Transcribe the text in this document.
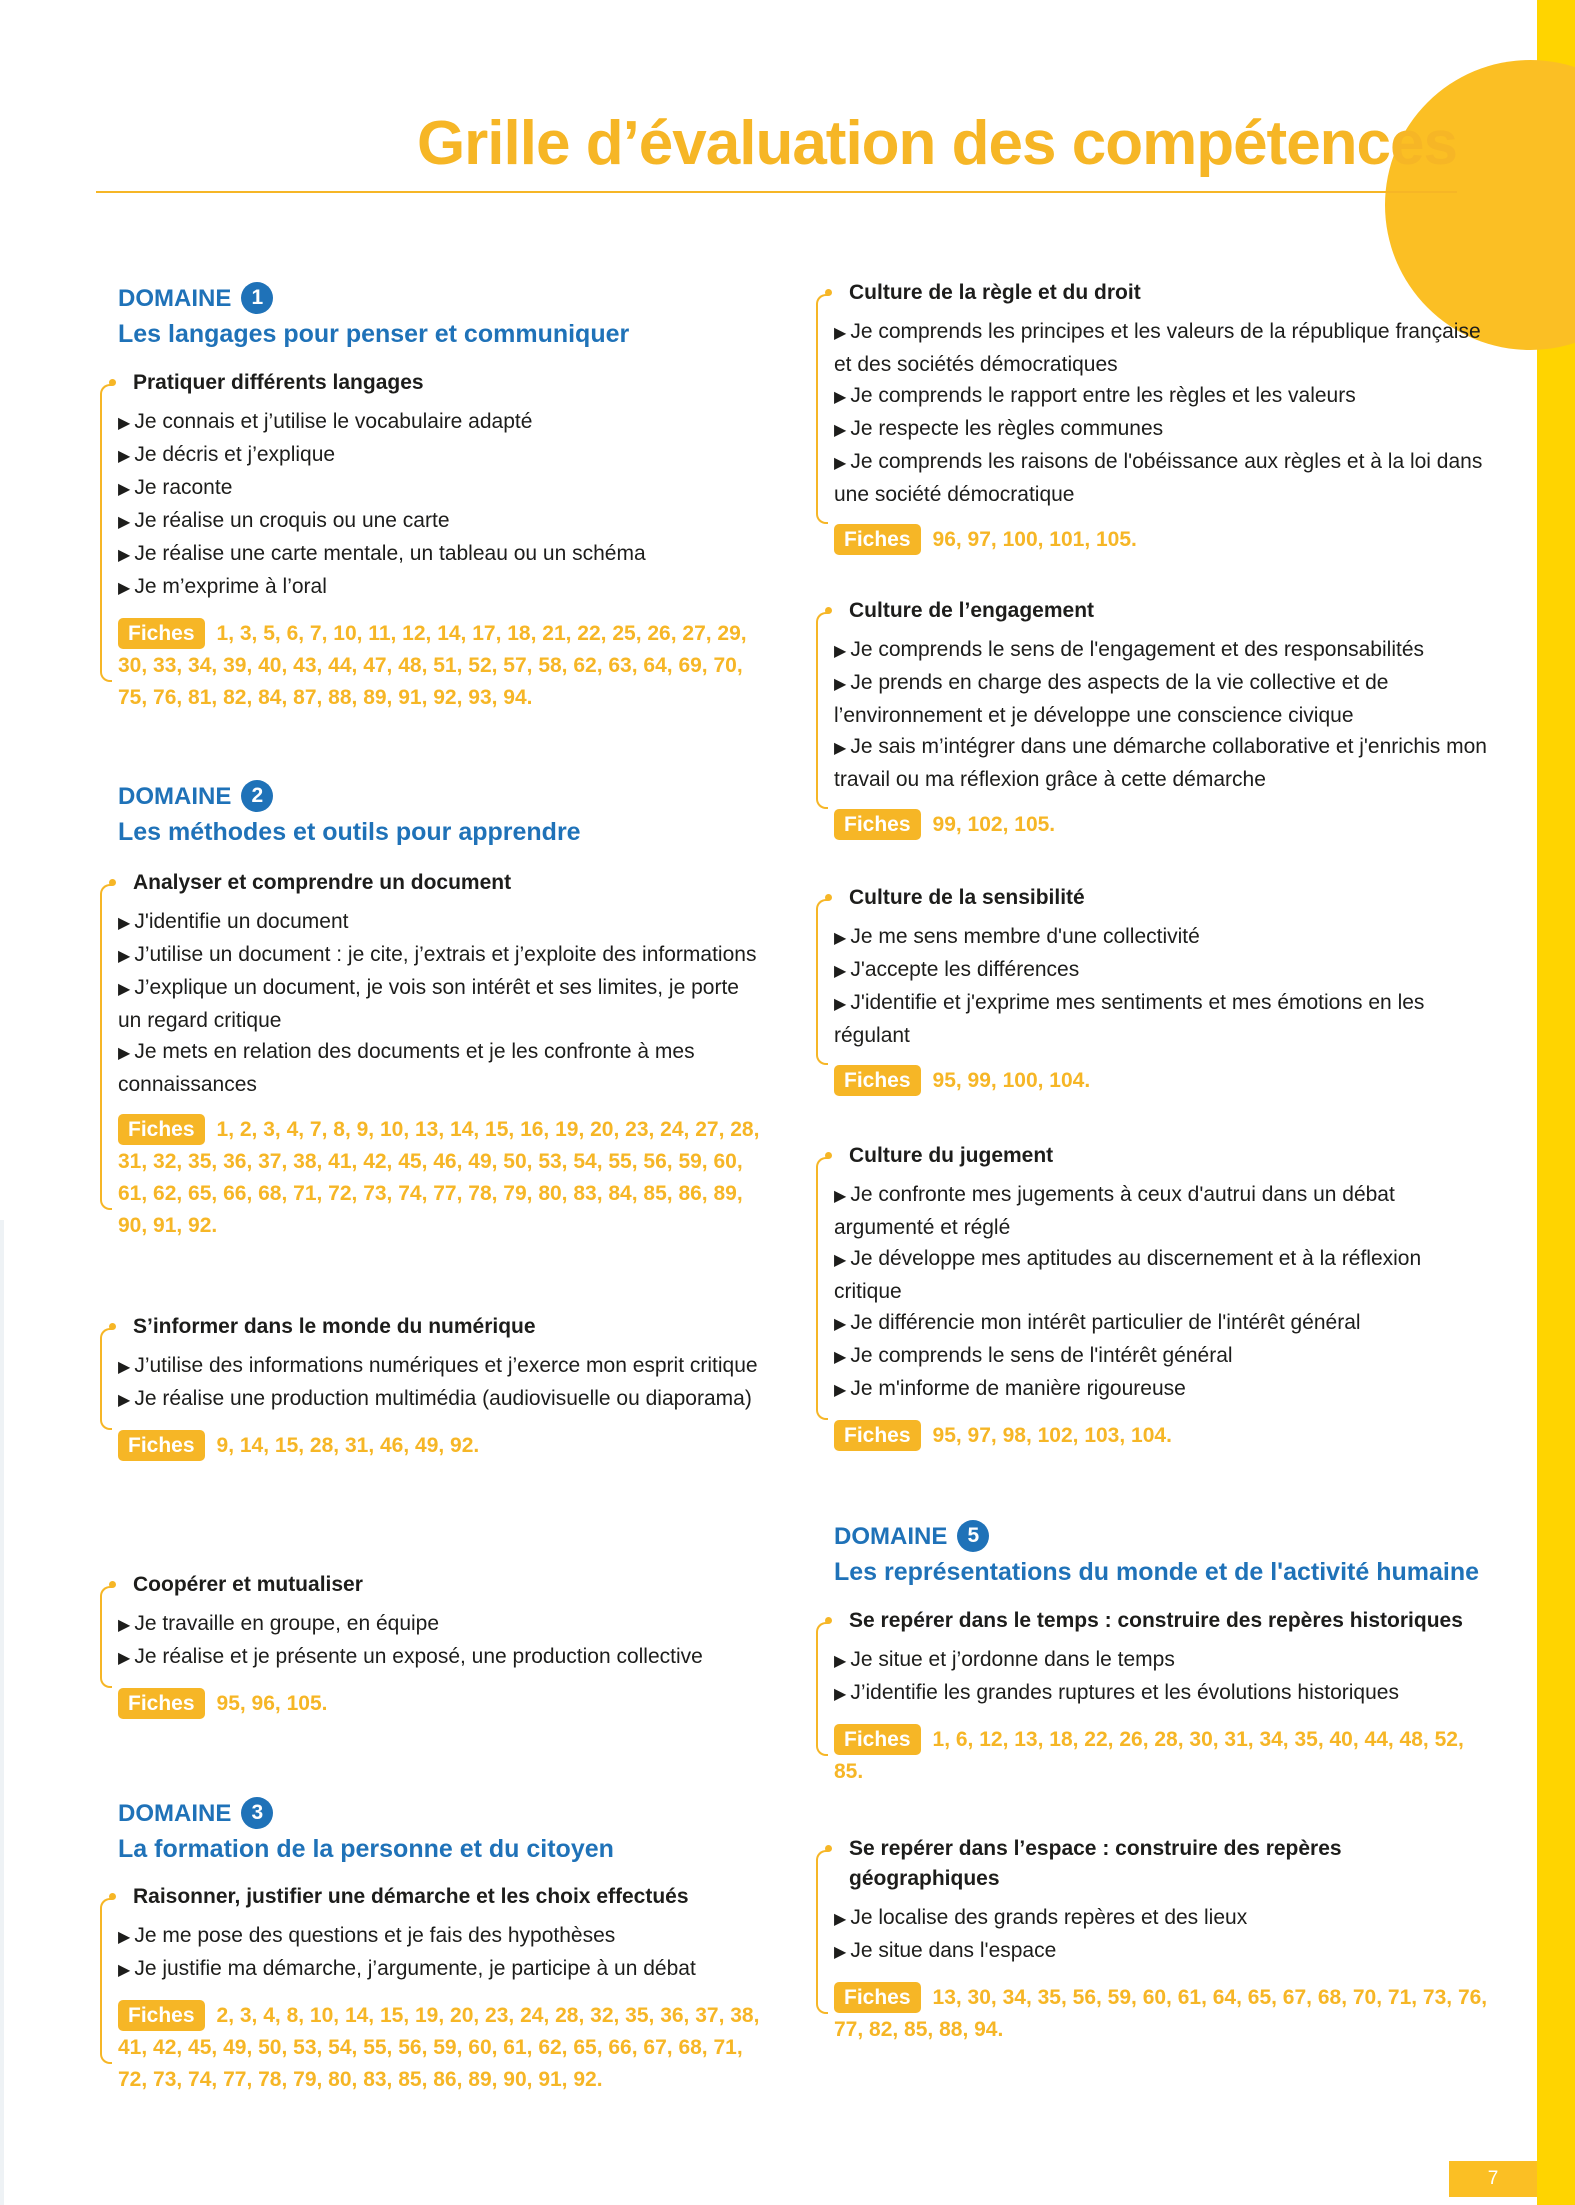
Grille d’évaluation des compétences
DOMAINE 1
Les langages pour penser et communiquer
Pratiquer différents langages
▶ Je connais et j’utilise le vocabulaire adapté
▶ Je décris et j’explique
▶ Je raconte
▶ Je réalise un croquis ou une carte
▶ Je réalise une carte mentale, un tableau ou un schéma
▶ Je m’exprime à l’oral
Fiches 1, 3, 5, 6, 7, 10, 11, 12, 14, 17, 18, 21, 22, 25, 26, 27, 29, 30, 33, 34, 39, 40, 43, 44, 47, 48, 51, 52, 57, 58, 62, 63, 64, 69, 70, 75, 76, 81, 82, 84, 87, 88, 89, 91, 92, 93, 94.
DOMAINE 2
Les méthodes et outils pour apprendre
Analyser et comprendre un document
▶ J'identifie un document
▶ J’utilise un document : je cite, j’extrais et j’exploite des informations
▶ J’explique un document, je vois son intérêt et ses limites, je porte un regard critique
▶ Je mets en relation des documents et je les confronte à mes connaissances
Fiches 1, 2, 3, 4, 7, 8, 9, 10, 13, 14, 15, 16, 19, 20, 23, 24, 27, 28, 31, 32, 35, 36, 37, 38, 41, 42, 45, 46, 49, 50, 53, 54, 55, 56, 59, 60, 61, 62, 65, 66, 68, 71, 72, 73, 74, 77, 78, 79, 80, 83, 84, 85, 86, 89, 90, 91, 92.
S’informer dans le monde du numérique
▶ J’utilise des informations numériques et j’exerce mon esprit critique
▶ Je réalise une production multimédia (audiovisuelle ou diaporama)
Fiches 9, 14, 15, 28, 31, 46, 49, 92.
Coopérer et mutualiser
▶ Je travaille en groupe, en équipe
▶ Je réalise et je présente un exposé, une production collective
Fiches 95, 96, 105.
DOMAINE 3
La formation de la personne et du citoyen
Raisonner, justifier une démarche et les choix effectués
▶ Je me pose des questions et je fais des hypothèses
▶ Je justifie ma démarche, j’argumente, je participe à un débat
Fiches 2, 3, 4, 8, 10, 14, 15, 19, 20, 23, 24, 28, 32, 35, 36, 37, 38, 41, 42, 45, 49, 50, 53, 54, 55, 56, 59, 60, 61, 62, 65, 66, 67, 68, 71, 72, 73, 74, 77, 78, 79, 80, 83, 85, 86, 89, 90, 91, 92.
Culture de la règle et du droit
▶ Je comprends les principes et les valeurs de la république française et des sociétés démocratiques
▶ Je comprends le rapport entre les règles et les valeurs
▶ Je respecte les règles communes
▶ Je comprends les raisons de l'obéissance aux règles et à la loi dans une société démocratique
Fiches 96, 97, 100, 101, 105.
Culture de l’engagement
▶ Je comprends le sens de l'engagement et des responsabilités
▶ Je prends en charge des aspects de la vie collective et de l’environnement et je développe une conscience civique
▶ Je sais m’intégrer dans une démarche collaborative et j'enrichis mon travail ou ma réflexion grâce à cette démarche
Fiches 99, 102, 105.
Culture de la sensibilité
▶ Je me sens membre d'une collectivité
▶ J'accepte les différences
▶ J'identifie et j'exprime mes sentiments et mes émotions en les régulant
Fiches 95, 99, 100, 104.
Culture du jugement
▶ Je confronte mes jugements à ceux d'autrui dans un débat argumenté et réglé
▶ Je développe mes aptitudes au discernement et à la réflexion critique
▶ Je différencie mon intérêt particulier de l'intérêt général
▶ Je comprends le sens de l'intérêt général
▶ Je m'informe de manière rigoureuse
Fiches 95, 97, 98, 102, 103, 104.
DOMAINE 5
Les représentations du monde et de l'activité humaine
Se repérer dans le temps : construire des repères historiques
▶ Je situe et j’ordonne dans le temps
▶ J’identifie les grandes ruptures et les évolutions historiques
Fiches 1, 6, 12, 13, 18, 22, 26, 28, 30, 31, 34, 35, 40, 44, 48, 52, 85.
Se repérer dans l’espace : construire des repères géographiques
▶ Je localise des grands repères et des lieux
▶ Je situe dans l'espace
Fiches 13, 30, 34, 35, 56, 59, 60, 61, 64, 65, 67, 68, 70, 71, 73, 76, 77, 82, 85, 88, 94.
7
